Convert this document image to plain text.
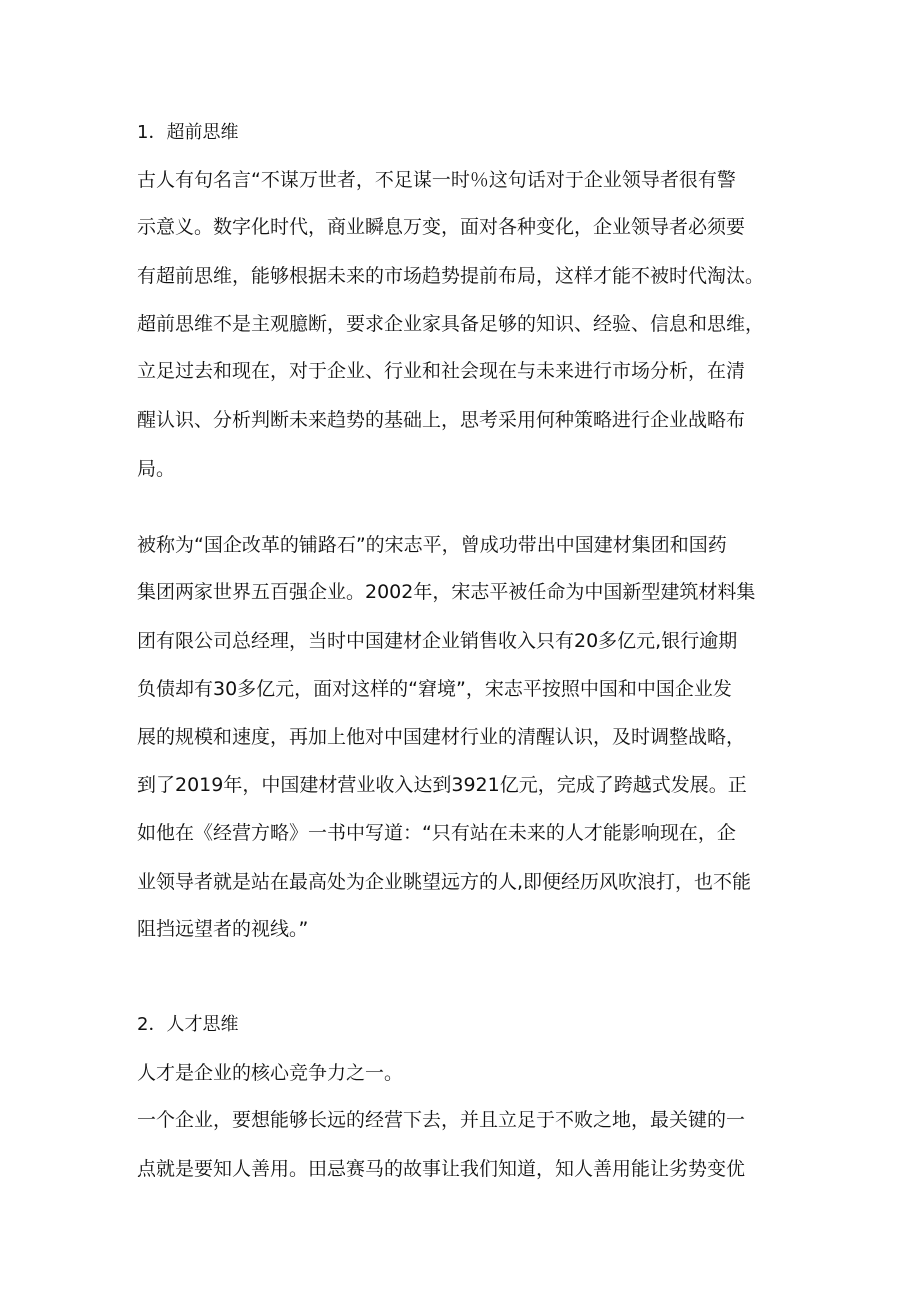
1．超前思维
古人有句名言“不谋万世者，不足谋一时％这句话对于企业领导者很有警
示意义。数字化时代，商业瞬息万变，面对各种变化，企业领导者必须要
有超前思维，能够根据未来的市场趋势提前布局，这样才能不被时代淘汰。
超前思维不是主观臆断，要求企业家具备足够的知识、经验、信息和思维，
立足过去和现在，对于企业、行业和社会现在与未来进行市场分析，在清
醒认识、分析判断未来趋势的基础上，思考采用何种策略进行企业战略布
局。
被称为“国企改革的铺路石”的宋志平，曾成功带出中国建材集团和国药
集团两家世界五百强企业。2002年，宋志平被任命为中国新型建筑材料集
团有限公司总经理，当时中国建材企业销售收入只有20多亿元,银行逾期
负债却有30多亿元，面对这样的“窘境”，宋志平按照中国和中国企业发
展的规模和速度，再加上他对中国建材行业的清醒认识，及时调整战略，
到了2019年，中国建材营业收入达到3921亿元，完成了跨越式发展。正
如他在《经营方略》一书中写道：“只有站在未来的人才能影响现在，企
业领导者就是站在最高处为企业眺望远方的人,即便经历风吹浪打，也不能
阻挡远望者的视线。”
2．人才思维
人才是企业的核心竞争力之一。
一个企业，要想能够长远的经营下去，并且立足于不败之地，最关键的一
点就是要知人善用。田忌赛马的故事让我们知道，知人善用能让劣势变优
